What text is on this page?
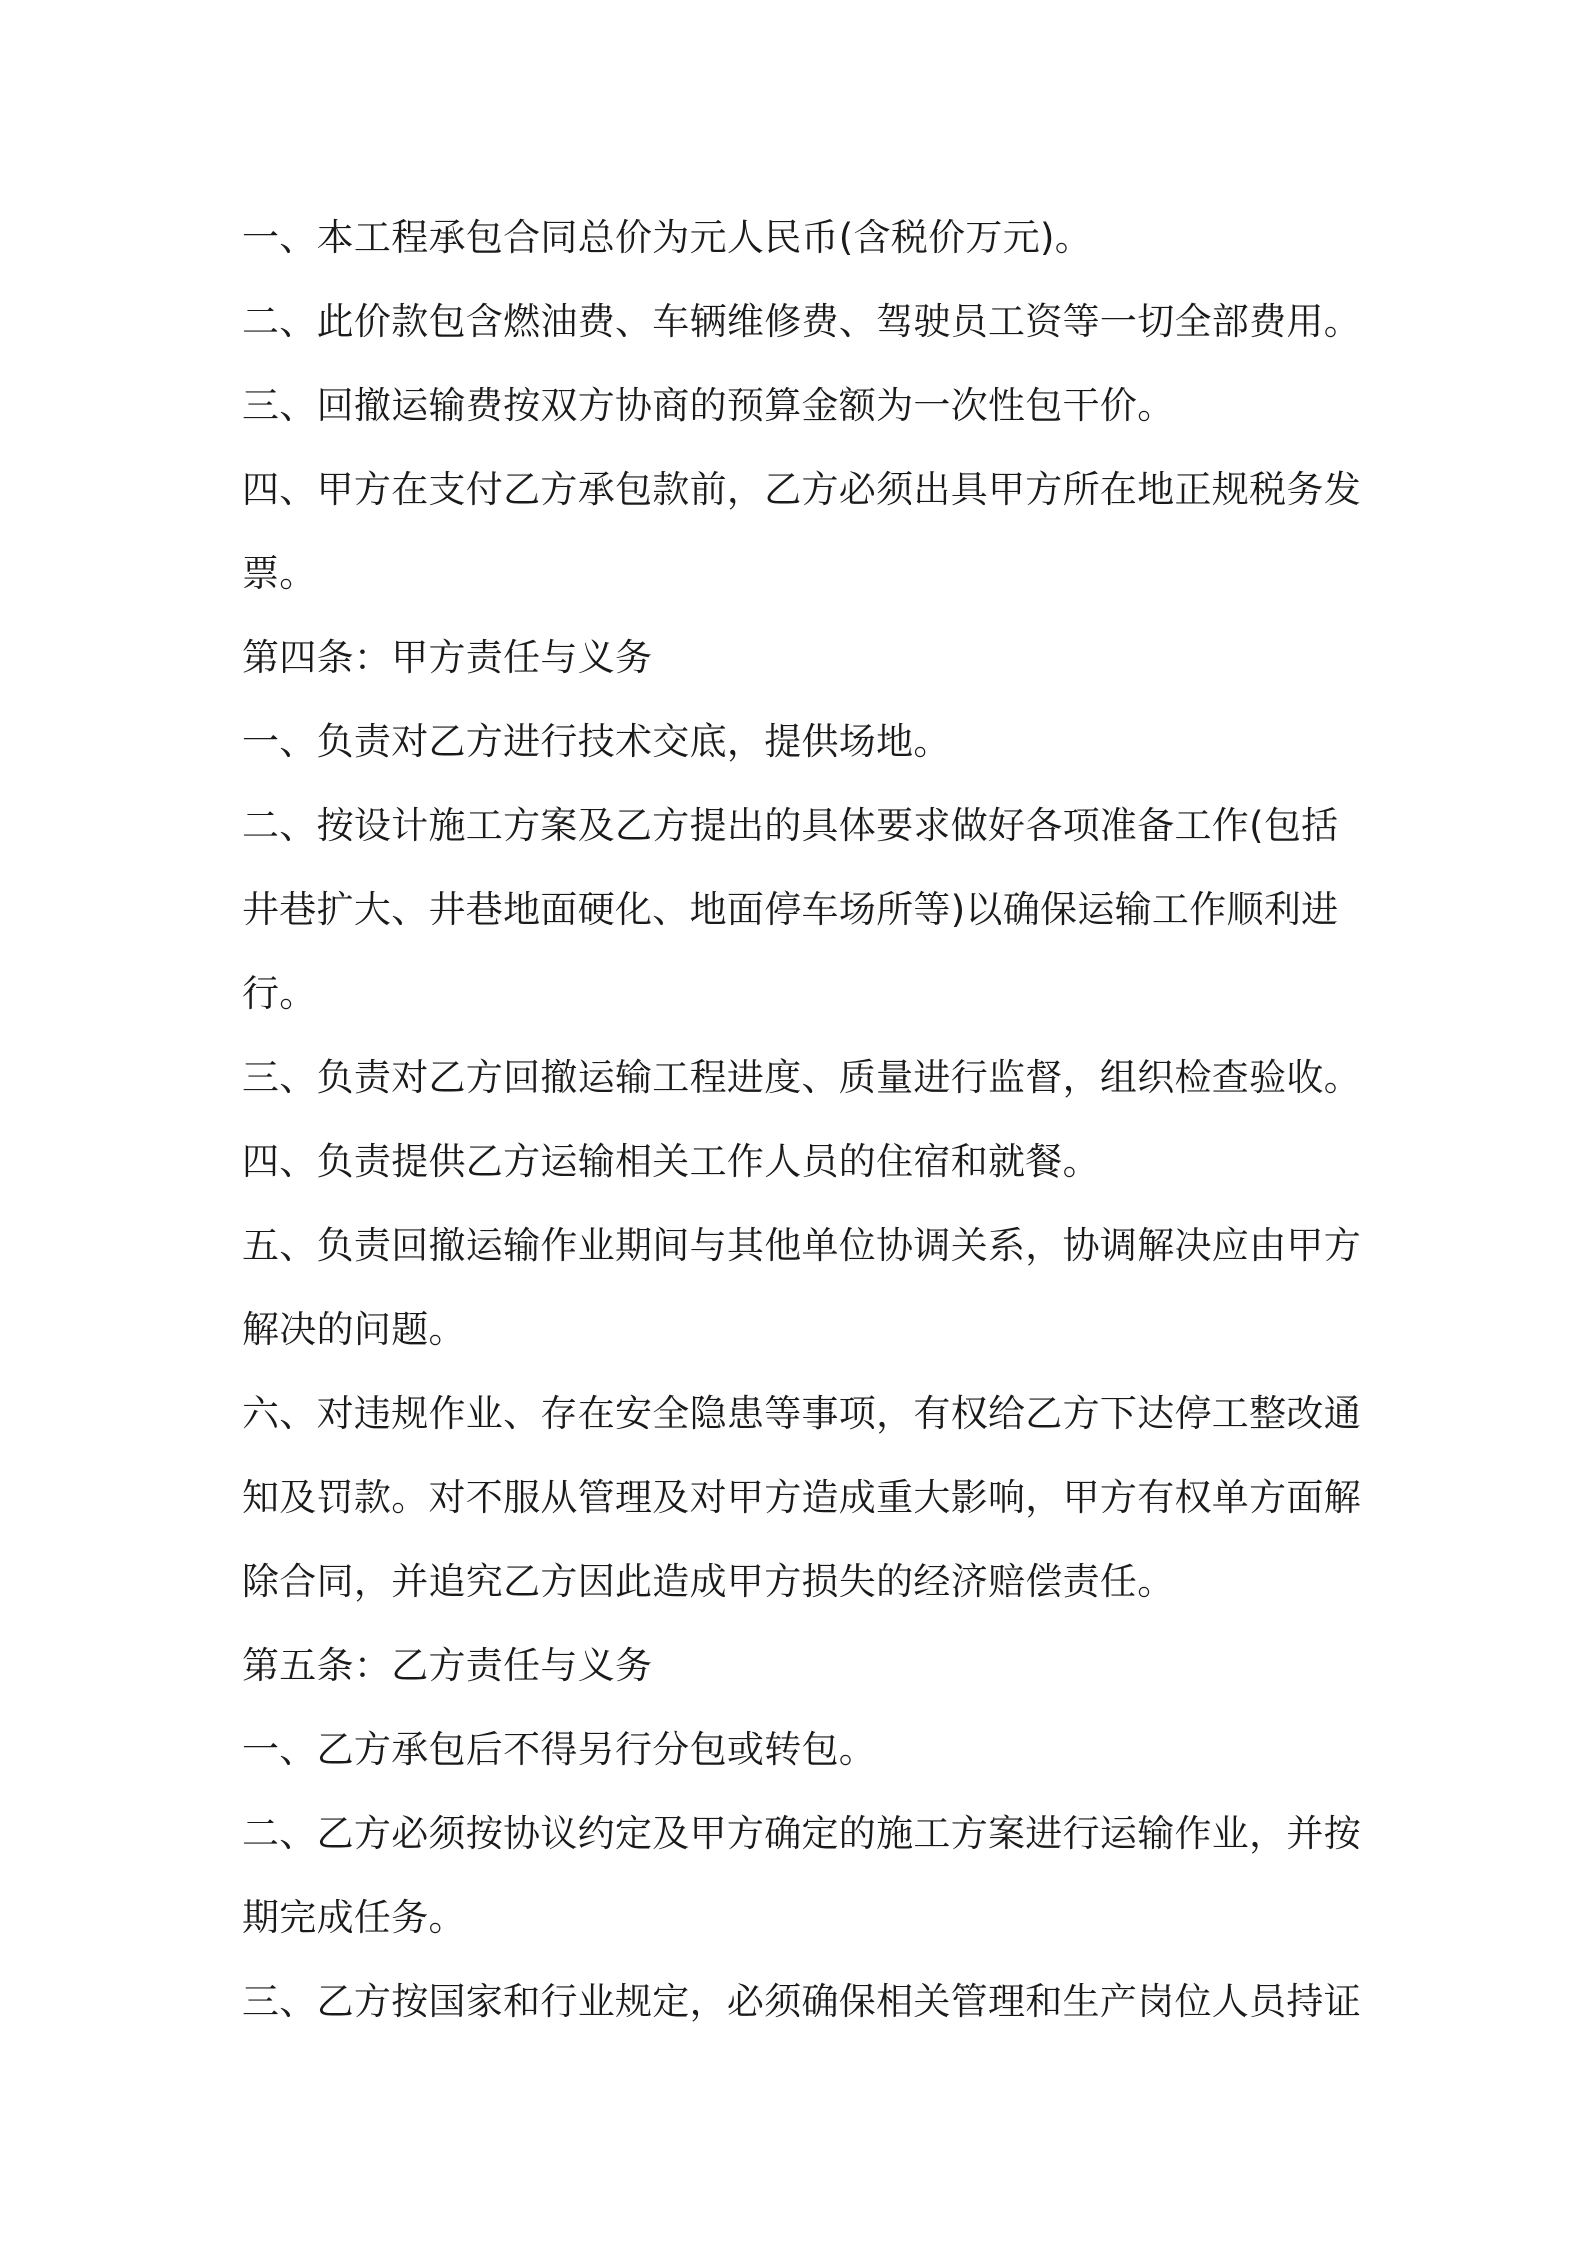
一、本工程承包合同总价为元人民币(含税价万元)。
二、此价款包含燃油费、车辆维修费、驾驶员工资等一切全部费用。
三、回撤运输费按双方协商的预算金额为一次性包干价。
四、甲方在支付乙方承包款前，乙方必须出具甲方所在地正规税务发
票。
第四条：甲方责任与义务
一、负责对乙方进行技术交底，提供场地。
二、按设计施工方案及乙方提出的具体要求做好各项准备工作(包括
井巷扩大、井巷地面硬化、地面停车场所等)以确保运输工作顺利进
行。
三、负责对乙方回撤运输工程进度、质量进行监督，组织检查验收。
四、负责提供乙方运输相关工作人员的住宿和就餐。
五、负责回撤运输作业期间与其他单位协调关系，协调解决应由甲方
解决的问题。
六、对违规作业、存在安全隐患等事项，有权给乙方下达停工整改通
知及罚款。对不服从管理及对甲方造成重大影响，甲方有权单方面解
除合同，并追究乙方因此造成甲方损失的经济赔偿责任。
第五条：乙方责任与义务
一、乙方承包后不得另行分包或转包。
二、乙方必须按协议约定及甲方确定的施工方案进行运输作业，并按
期完成任务。
三、乙方按国家和行业规定，必须确保相关管理和生产岗位人员持证
